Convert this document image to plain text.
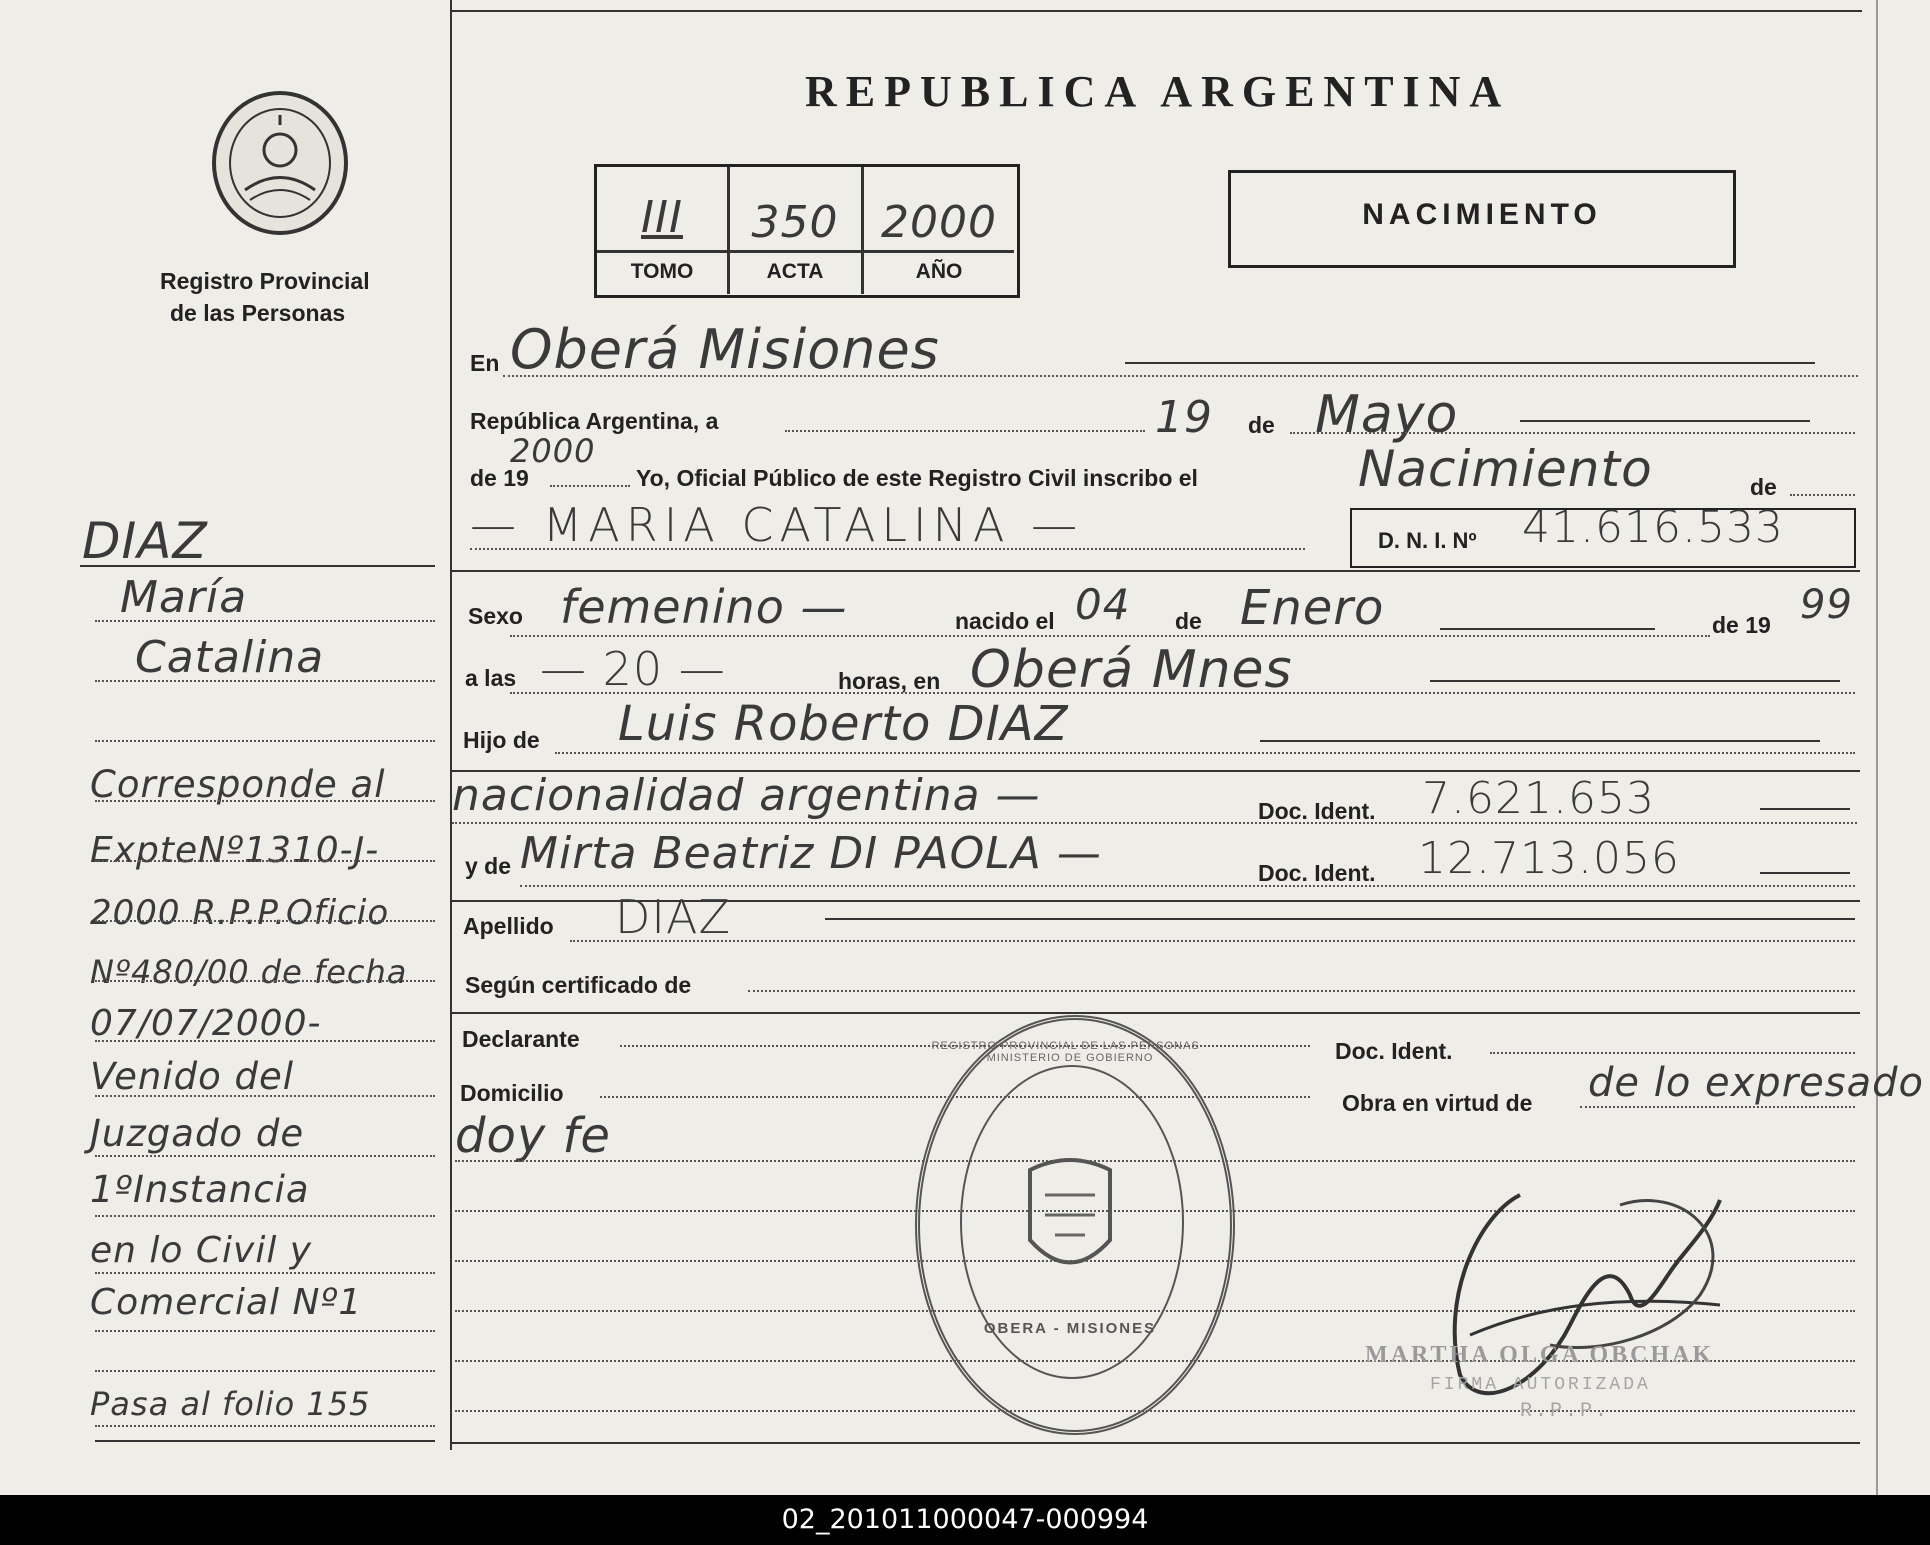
Registro Provincial
de las Personas
REPUBLICA ARGENTINA
III	350 2000
TOMO	ACTA	AÑO
NACIMIENTO
DIAZ
María
Catalina
Corresponde al
ExpteNº1310-J-
2000 R.P.P.Oficio
Nº480/00 de fecha
07/07/2000-
Venido del
Juzgado de
1ºInstancia
en lo Civil y
Comercial Nº1
Pasa al folio 155
En Oberá Misiones
República Argentina, a	19 de Mayo
2000
de 19	Yo, Oficial Público de este Registro Civil inscribo el	Nacimiento	de
— MARIA CATALINA —	D. N. I. Nº 41.616.533
Sexo femenino —	nacido el 04 de Enero	de 19 99
a las — 20 —	horas, en Oberá Mnes
Hijo de Luis Roberto DIAZ
nacionalidad argentina —	Doc. Ident. 7.621.653
y de Mirta Beatriz DI PAOLA —	Doc. Ident. 12.713.056
Apellido DIAZ
Según certificado de
Declarante	Doc. Ident.
Domicilio	Obra en virtud de de lo expresado
doy fe
REGISTRO PROVINCIAL DE LAS PERSONAS · MINISTERIO DE GOBIERNO
OBERA - MISIONES
MARTHA OLGA OBCHAK
FIRMA AUTORIZADA
R.P.P.
02_201011000047-000994
